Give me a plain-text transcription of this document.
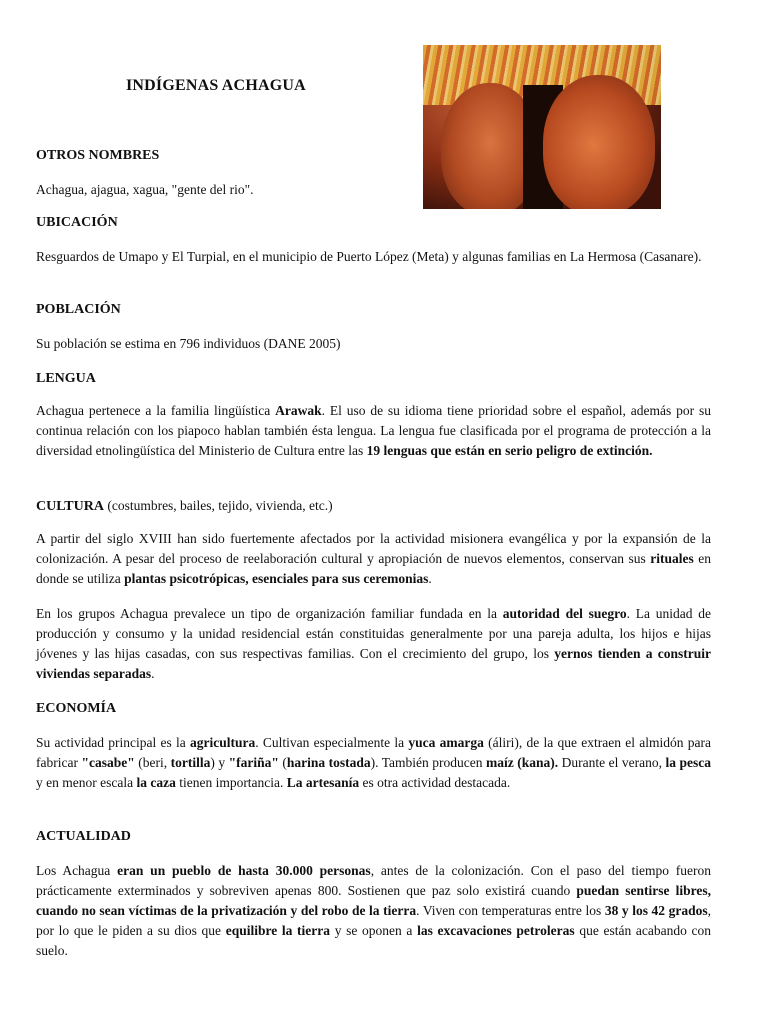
INDÍGENAS ACHAGUA
OTROS NOMBRES
Achagua, ajagua, xagua, "gente del rio".
UBICACIÓN
Resguardos de Umapo y El Turpial, en el municipio de Puerto López (Meta) y algunas familias en La Hermosa (Casanare).
POBLACIÓN
Su población se estima en 796 individuos (DANE 2005)
LENGUA

Achagua pertenece a la familia lingüística Arawak. El uso de su idioma tiene prioridad sobre el español, además por su continua relación con los piapoco hablan también ésta lengua. La lengua fue clasificada por el programa de protección a la diversidad etnolingüística del Ministerio de Cultura entre las 19 lenguas que están en serio peligro de extinción.

CULTURA (costumbres, bailes, tejido, vivienda, etc.)

A partir del siglo XVIII han sido fuertemente afectados por la actividad misionera evangélica y por la expansión de la colonización. A pesar del proceso de reelaboración cultural y apropiación de nuevos elementos, conservan sus rituales en donde se utiliza plantas psicotrópicas, esenciales para sus ceremonias.

En los grupos Achagua prevalece un tipo de organización familiar fundada en la autoridad del suegro. La unidad de producción y consumo y la unidad residencial están constituidas generalmente por una pareja adulta, los hijos e hijas jóvenes y las hijas casadas, con sus respectivas familias. Con el crecimiento del grupo, los yernos tienden a construir viviendas separadas.

ECONOMÍA

Su actividad principal es la agricultura. Cultivan especialmente la yuca amarga (áliri), de la que extraen el almidón para fabricar "casabe" (beri, tortilla) y "fariña" (harina tostada). También producen maíz (kana). Durante el verano, la pesca y en menor escala la caza tienen importancia. La artesanía es otra actividad destacada.

ACTUALIDAD

Los Achagua eran un pueblo de hasta 30.000 personas, antes de la colonización. Con el paso del tiempo fueron prácticamente exterminados y sobreviven apenas 800. Sostienen que paz solo existirá cuando puedan sentirse libres, cuando no sean víctimas de la privatización y del robo de la tierra. Viven con temperaturas entre los 38 y los 42 grados, por lo que le piden a su dios que equilibre la tierra y se oponen a las excavaciones petroleras que están acabando con suelo.
